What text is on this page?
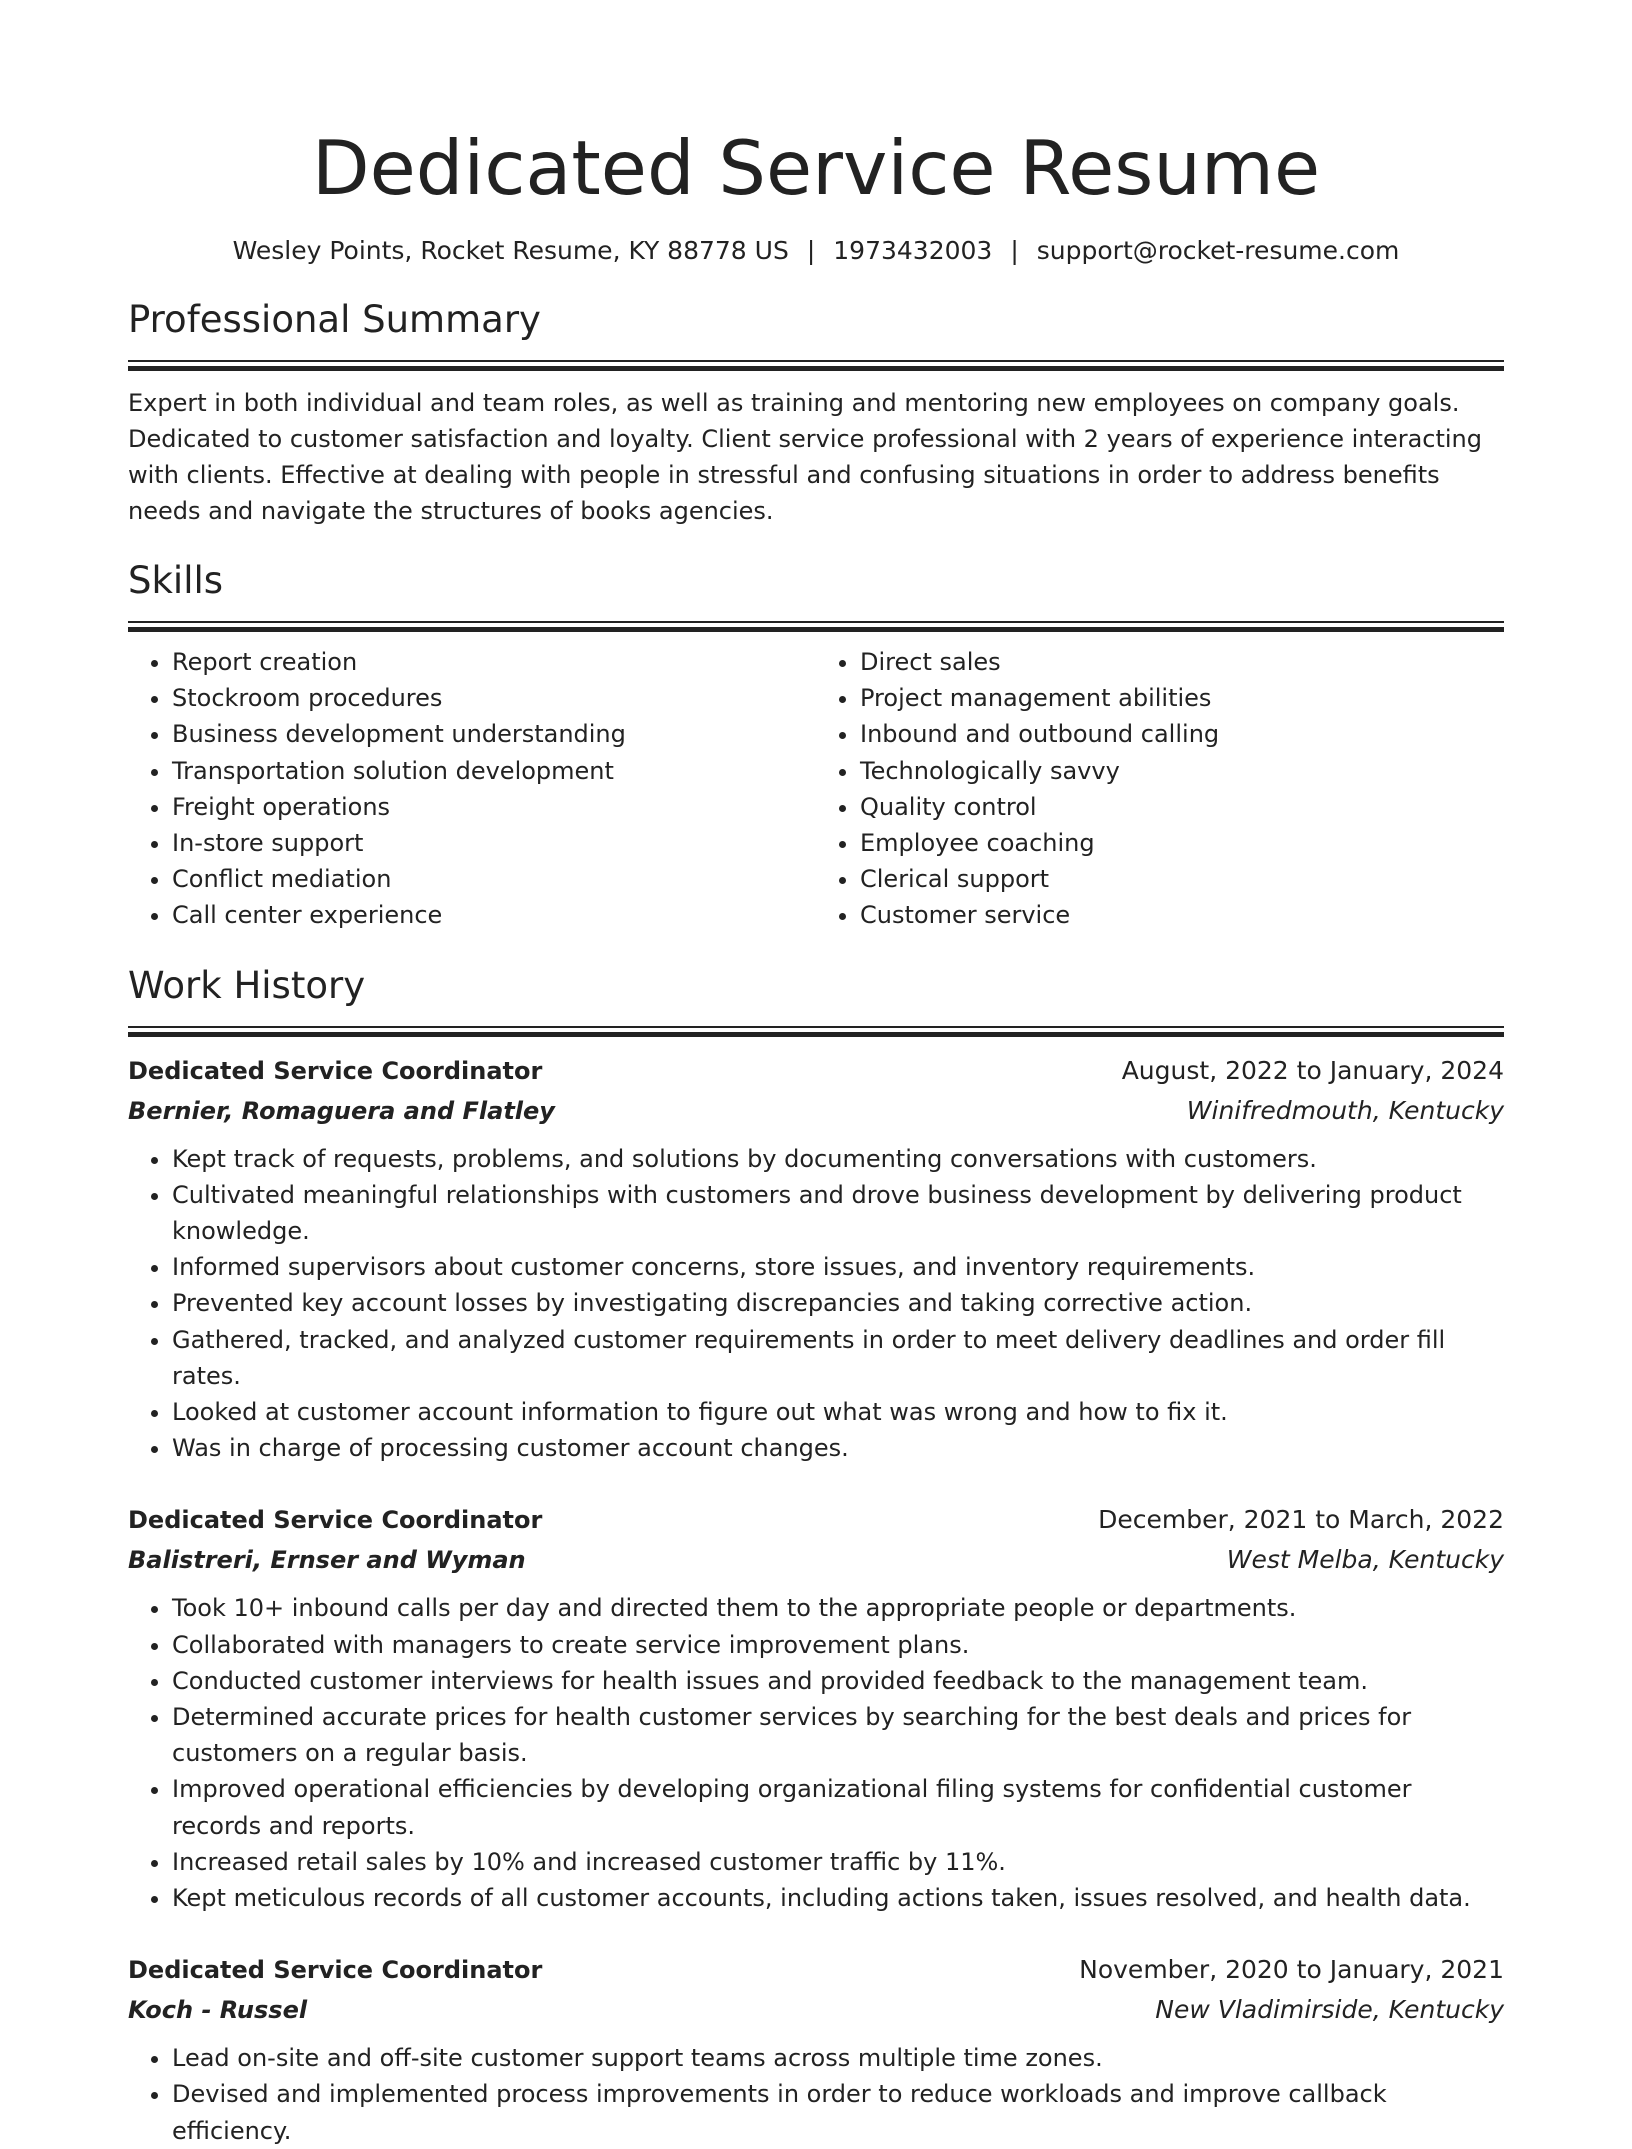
Dedicated Service Resume
Wesley Points, Rocket Resume, KY 88778 US | 1973432003 | support@rocket-resume.com
Professional Summary

Expert in both individual and team roles, as well as training and mentoring new employees on company goals. Dedicated to customer satisfaction and loyalty. Client service professional with 2 years of experience interacting with clients. Effective at dealing with people in stressful and confusing situations in order to address benefits needs and navigate the structures of books agencies.

Skills
• Report creation
• Stockroom procedures
• Business development understanding
• Transportation solution development
• Freight operations
• In-store support
• Conflict mediation
• Call center experience
• Direct sales
• Project management abilities
• Inbound and outbound calling
• Technologically savvy
• Quality control
• Employee coaching
• Clerical support
• Customer service
Work History
Dedicated Service Coordinator	August, 2022 to January, 2024
Bernier, Romaguera and Flatley	Winifredmouth, Kentucky
• Kept track of requests, problems, and solutions by documenting conversations with customers.
• Cultivated meaningful relationships with customers and drove business development by delivering product knowledge.
• Informed supervisors about customer concerns, store issues, and inventory requirements.
• Prevented key account losses by investigating discrepancies and taking corrective action.
• Gathered, tracked, and analyzed customer requirements in order to meet delivery deadlines and order fill rates.
• Looked at customer account information to figure out what was wrong and how to fix it.
• Was in charge of processing customer account changes.
Dedicated Service Coordinator	December, 2021 to March, 2022
Balistreri, Ernser and Wyman	West Melba, Kentucky
• Took 10+ inbound calls per day and directed them to the appropriate people or departments.
• Collaborated with managers to create service improvement plans.
• Conducted customer interviews for health issues and provided feedback to the management team.
• Determined accurate prices for health customer services by searching for the best deals and prices for customers on a regular basis.
• Improved operational efficiencies by developing organizational filing systems for confidential customer records and reports.
• Increased retail sales by 10% and increased customer traffic by 11%.
• Kept meticulous records of all customer accounts, including actions taken, issues resolved, and health data.
Dedicated Service Coordinator	November, 2020 to January, 2021
Koch - Russel	New Vladimirside, Kentucky
• Lead on-site and off-site customer support teams across multiple time zones.
• Devised and implemented process improvements in order to reduce workloads and improve callback efficiency.
